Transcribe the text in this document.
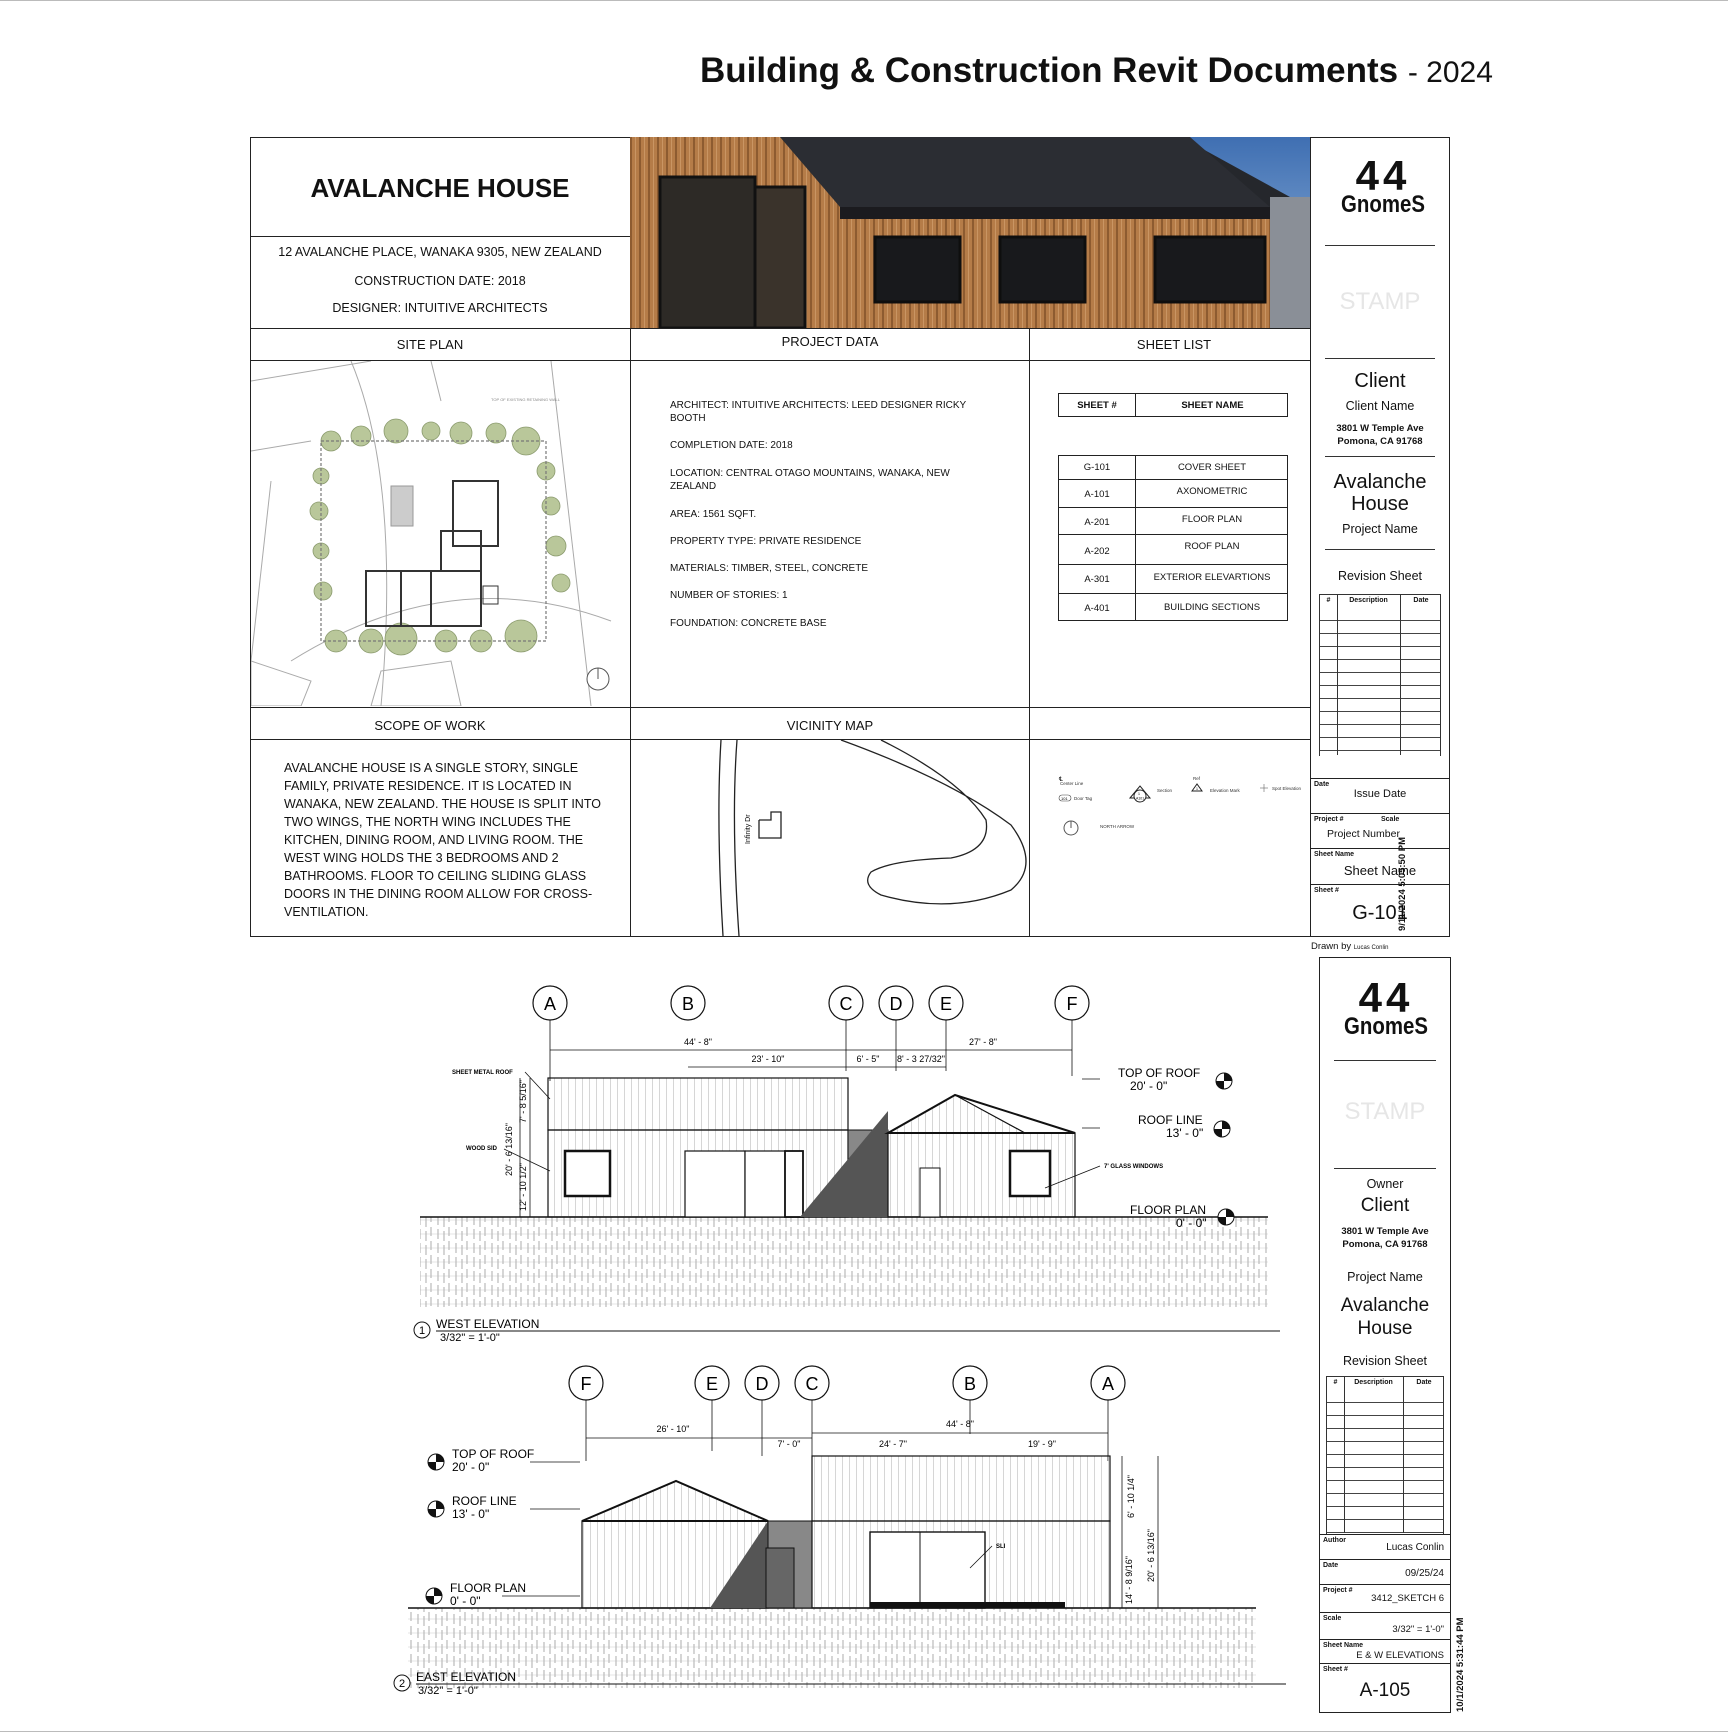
Building & Construction Revit Documents - 2024
AVALANCHE HOUSE
12 AVALANCHE PLACE, WANAKA 9305, NEW ZEALAND
CONSTRUCTION DATE: 2018
DESIGNER: INTUITIVE ARCHITECTS
SITE PLAN	PROJECT DATA	SHEET LIST
SCOPE OF WORK	VICINITY MAP
TOP OF EXISTING RETAINING WALL
ARCHITECT: INTUITIVE ARCHITECTS: LEED DESIGNER RICKY BOOTH
COMPLETION DATE: 2018
LOCATION: CENTRAL OTAGO MOUNTAINS, WANAKA, NEW ZEALAND
AREA: 1561 SQFT.
PROPERTY TYPE: PRIVATE RESIDENCE
MATERIALS: TIMBER, STEEL, CONCRETE
NUMBER OF STORIES: 1
FOUNDATION: CONCRETE BASE
SHEET #	SHEET NAME
G-101	COVER SHEET
A-101	AXONOMETRIC
A-201	FLOOR PLAN
A-202	ROOF PLAN
A-301	EXTERIOR ELEVARTIONS
A-401	BUILDING SECTIONS
AVALANCHE HOUSE IS A SINGLE STORY, SINGLE FAMILY, PRIVATE RESIDENCE. IT IS LOCATED IN WANAKA, NEW ZEALAND. THE HOUSE IS SPLIT INTO TWO WINGS, THE NORTH WING INCLUDES THE KITCHEN, DINING ROOM, AND LIVING ROOM. THE WEST WING HOLDS THE 3 BEDROOMS AND 2 BATHROOMS. FLOOR TO CEILING SLIDING GLASS DOORS IN THE DINING ROOM ALLOW FOR CROSS-VENTILATION.
Infinity Dr
Center Line
Door Tag
Section	Elevation Mark	Spot Elevation
NORTH ARROW
Ref
101
1
A101
1
℄
44
GnomeS
STAMP
Client
Client Name
3801 W Temple Ave
Pomona, CA 91768
Avalanche
House
Project Name
Revision Sheet
#	Description	Date
Date
Issue Date
Project #	Scale
Project Number
Sheet Name
Sheet Name
Sheet #
G-101
Drawn by Lucas Conlin
9/11/2024 5:05:50 PM
A	B	C D E	F
44' - 8"	27' - 8"
23' - 10"	6' - 5" 8' - 3 27/32"
TOP OF ROOF
20' - 0"
ROOF LINE
13' - 0"
FLOOR PLAN
0' - 0"
SHEET METAL ROOF
WOOD SID
7' GLASS WINDOWS
7' - 8 5/16"
20' - 6 13/16"
12' - 10 1/2"
1 WEST ELEVATION
3/32" = 1'-0"
F	E D C	B	A
44' - 8"
26' - 10"
7' - 0"	24' - 7"	19' - 9"
TOP OF ROOF
20' - 0"
ROOF LINE
13' - 0"
FLOOR PLAN
0' - 0"
SLI
6' - 10 1/4"
20' - 6 13/16"
14' - 8 9/16"
2 EAST ELEVATION
3/32" = 1'-0"
44
GnomeS
STAMP
Owner
Client
3801 W Temple Ave
Pomona, CA 91768
Project Name
Avalanche
House
Revision Sheet
#	Description	Date
Author
Lucas Conlin
Date
09/25/24
Project #
3412_SKETCH 6
Scale
3/32" = 1'-0"
Sheet Name
E & W ELEVATIONS
Sheet #
A-105	10/1/2024 5:31:44 PM
